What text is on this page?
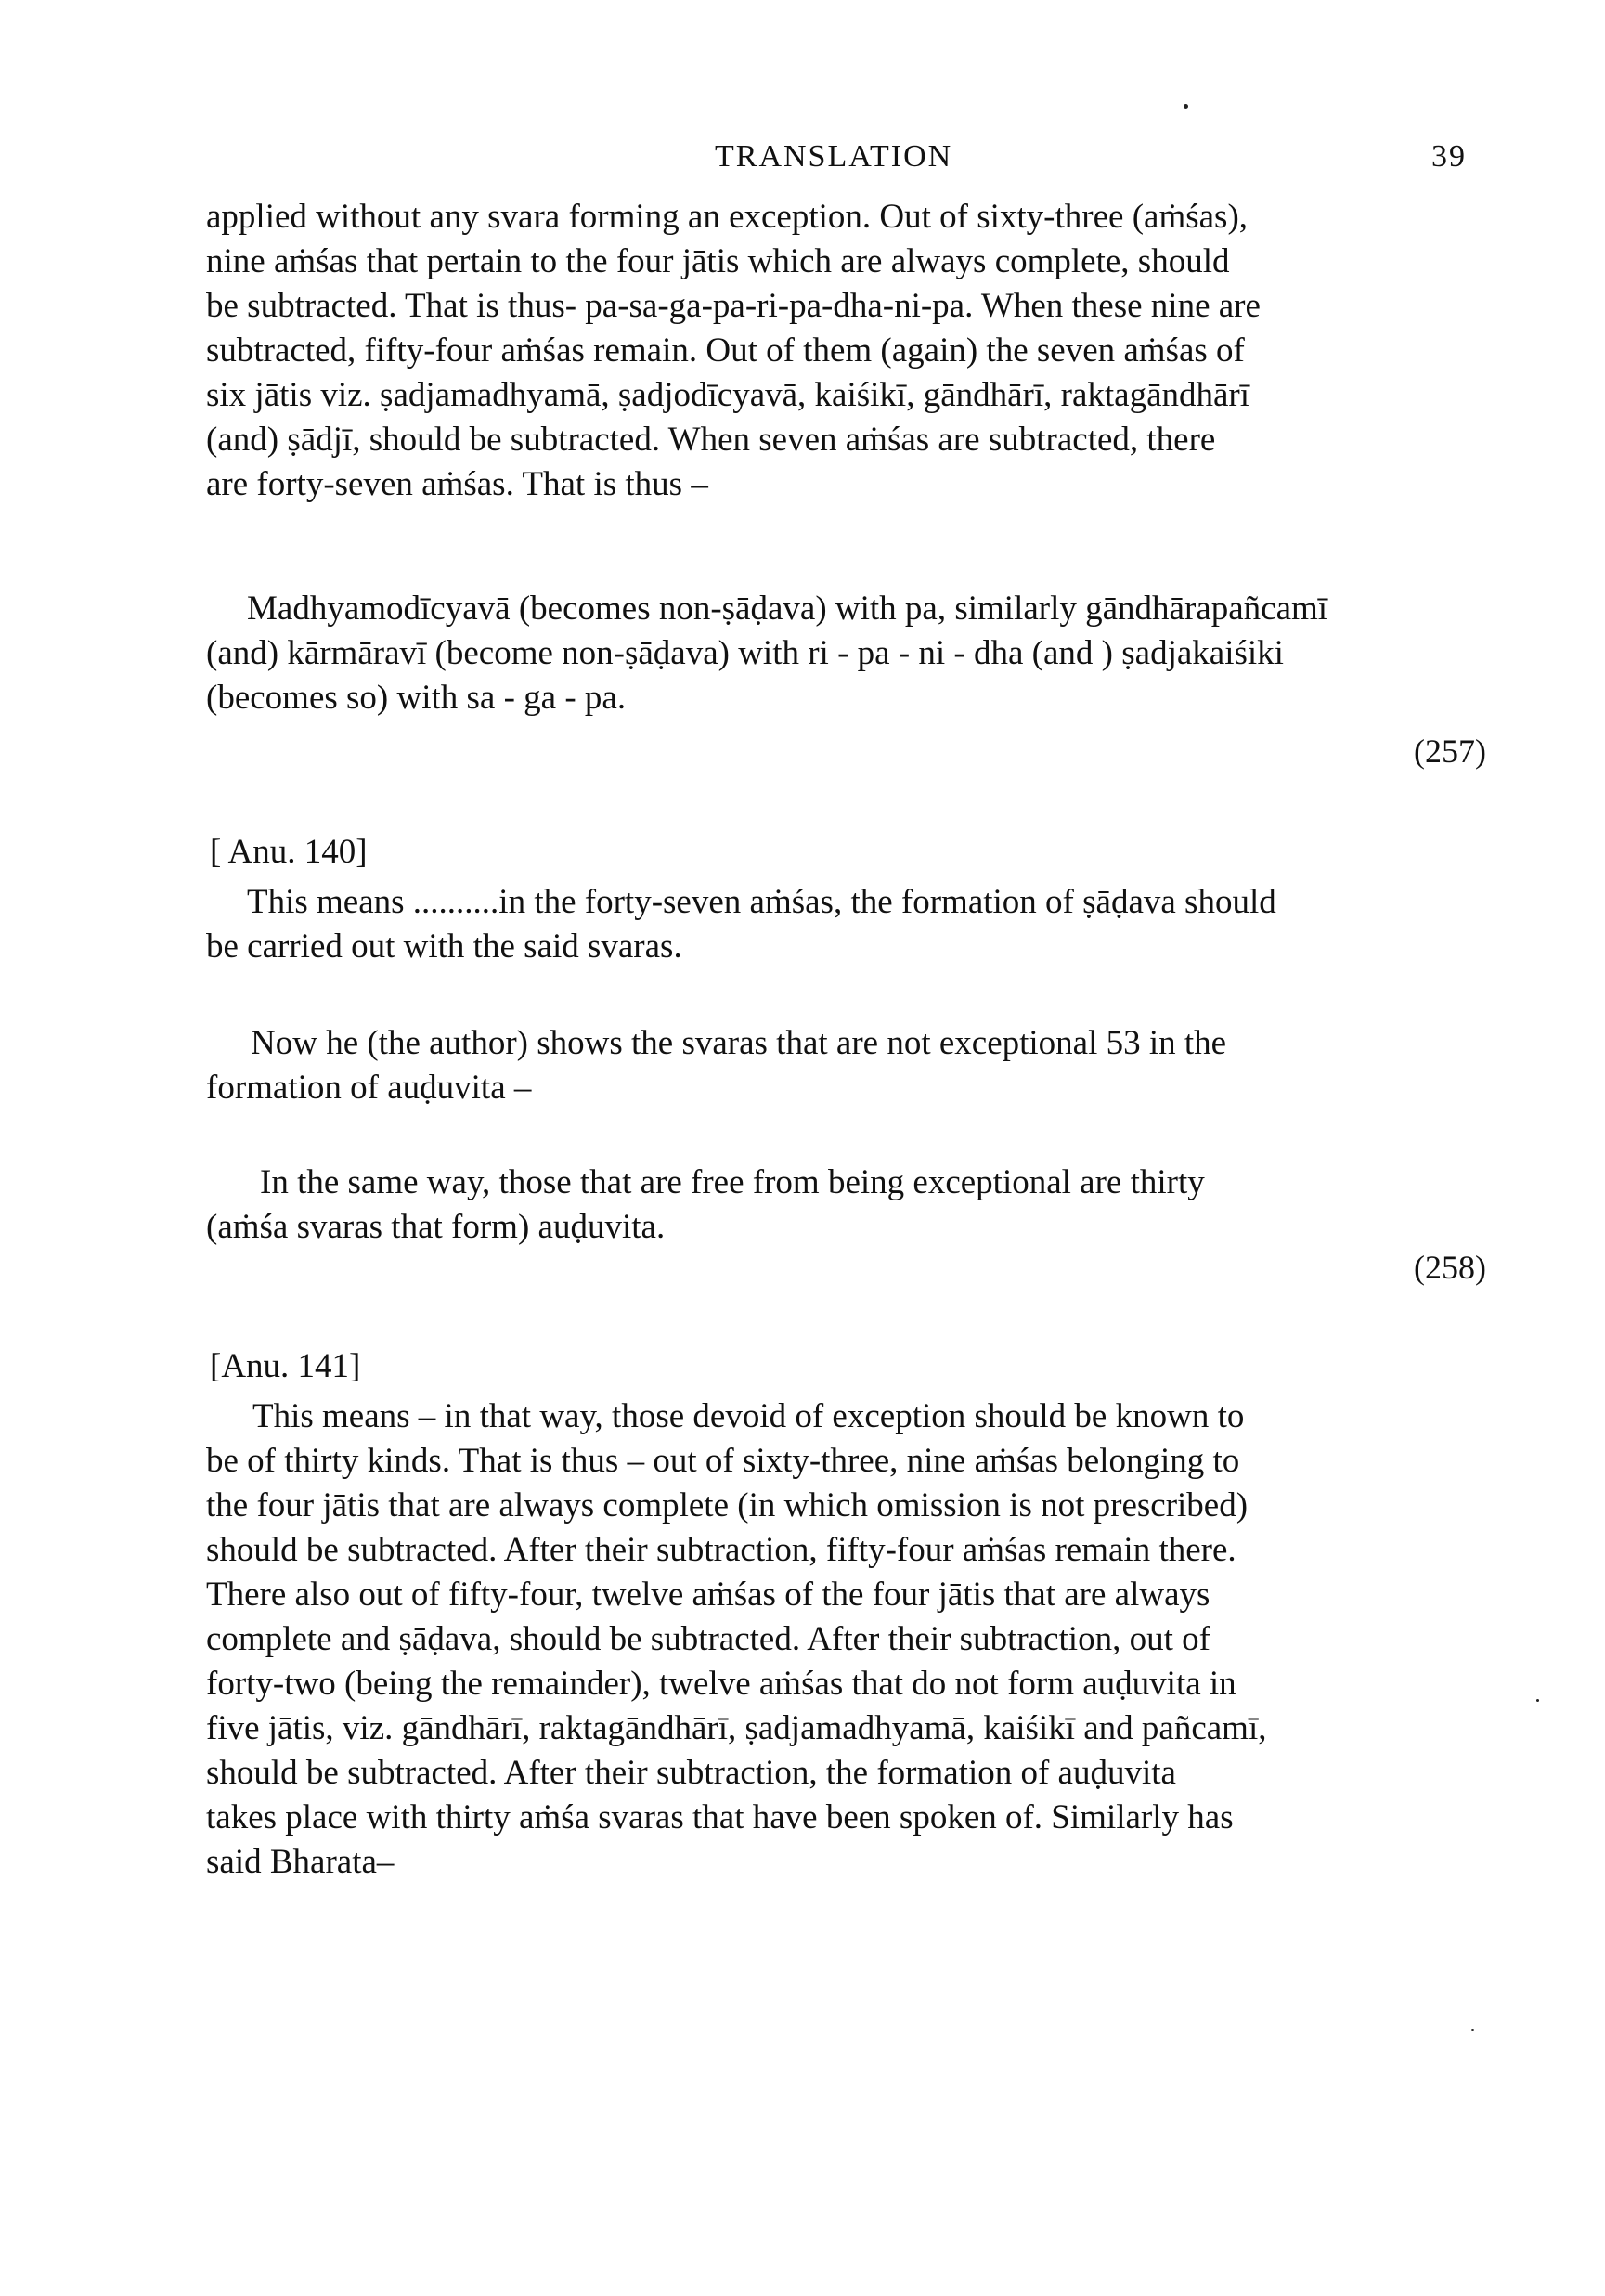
TRANSLATION	39
applied without any svara forming an exception. Out of sixty-three (aṁśas),
nine aṁśas that pertain to the four jātis which are always complete, should
be subtracted. That is thus- pa-sa-ga-pa-ri-pa-dha-ni-pa. When these nine are
subtracted, fifty-four aṁśas remain. Out of them (again) the seven aṁśas of
six jātis viz. ṣadjamadhyamā, ṣadjodīcyavā, kaiśikī, gāndhārī, raktagāndhārī
(and) ṣādjī, should be subtracted. When seven aṁśas are subtracted, there
are forty-seven aṁśas. That is thus –
Madhyamodīcyavā (becomes non-ṣāḍava) with pa, similarly gāndhārapañcamī
(and) kārmāravī (become non-ṣāḍava) with ri - pa - ni - dha (and ) ṣadjakaiśiki
(becomes so) with sa - ga - pa.
(257)
[ Anu. 140]
This means ..........in the forty-seven aṁśas, the formation of ṣāḍava should
be carried out with the said svaras.
Now he (the author) shows the svaras that are not exceptional 53 in the
formation of auḍuvita –
In the same way, those that are free from being exceptional are thirty
(aṁśa svaras that form) auḍuvita.
(258)
[Anu. 141]
This means – in that way, those devoid of exception should be known to
be of thirty kinds. That is thus – out of sixty-three, nine aṁśas belonging to
the four jātis that are always complete (in which omission is not prescribed)
should be subtracted. After their subtraction, fifty-four aṁśas remain there.
There also out of fifty-four, twelve aṁśas of the four jātis that are always
complete and ṣāḍava, should be subtracted. After their subtraction, out of
forty-two (being the remainder), twelve aṁśas that do not form auḍuvita in
five jātis, viz. gāndhārī, raktagāndhārī, ṣadjamadhyamā, kaiśikī and pañcamī,
should be subtracted. After their subtraction, the formation of auḍuvita
takes place with thirty aṁśa svaras that have been spoken of. Similarly has
said Bharata–
